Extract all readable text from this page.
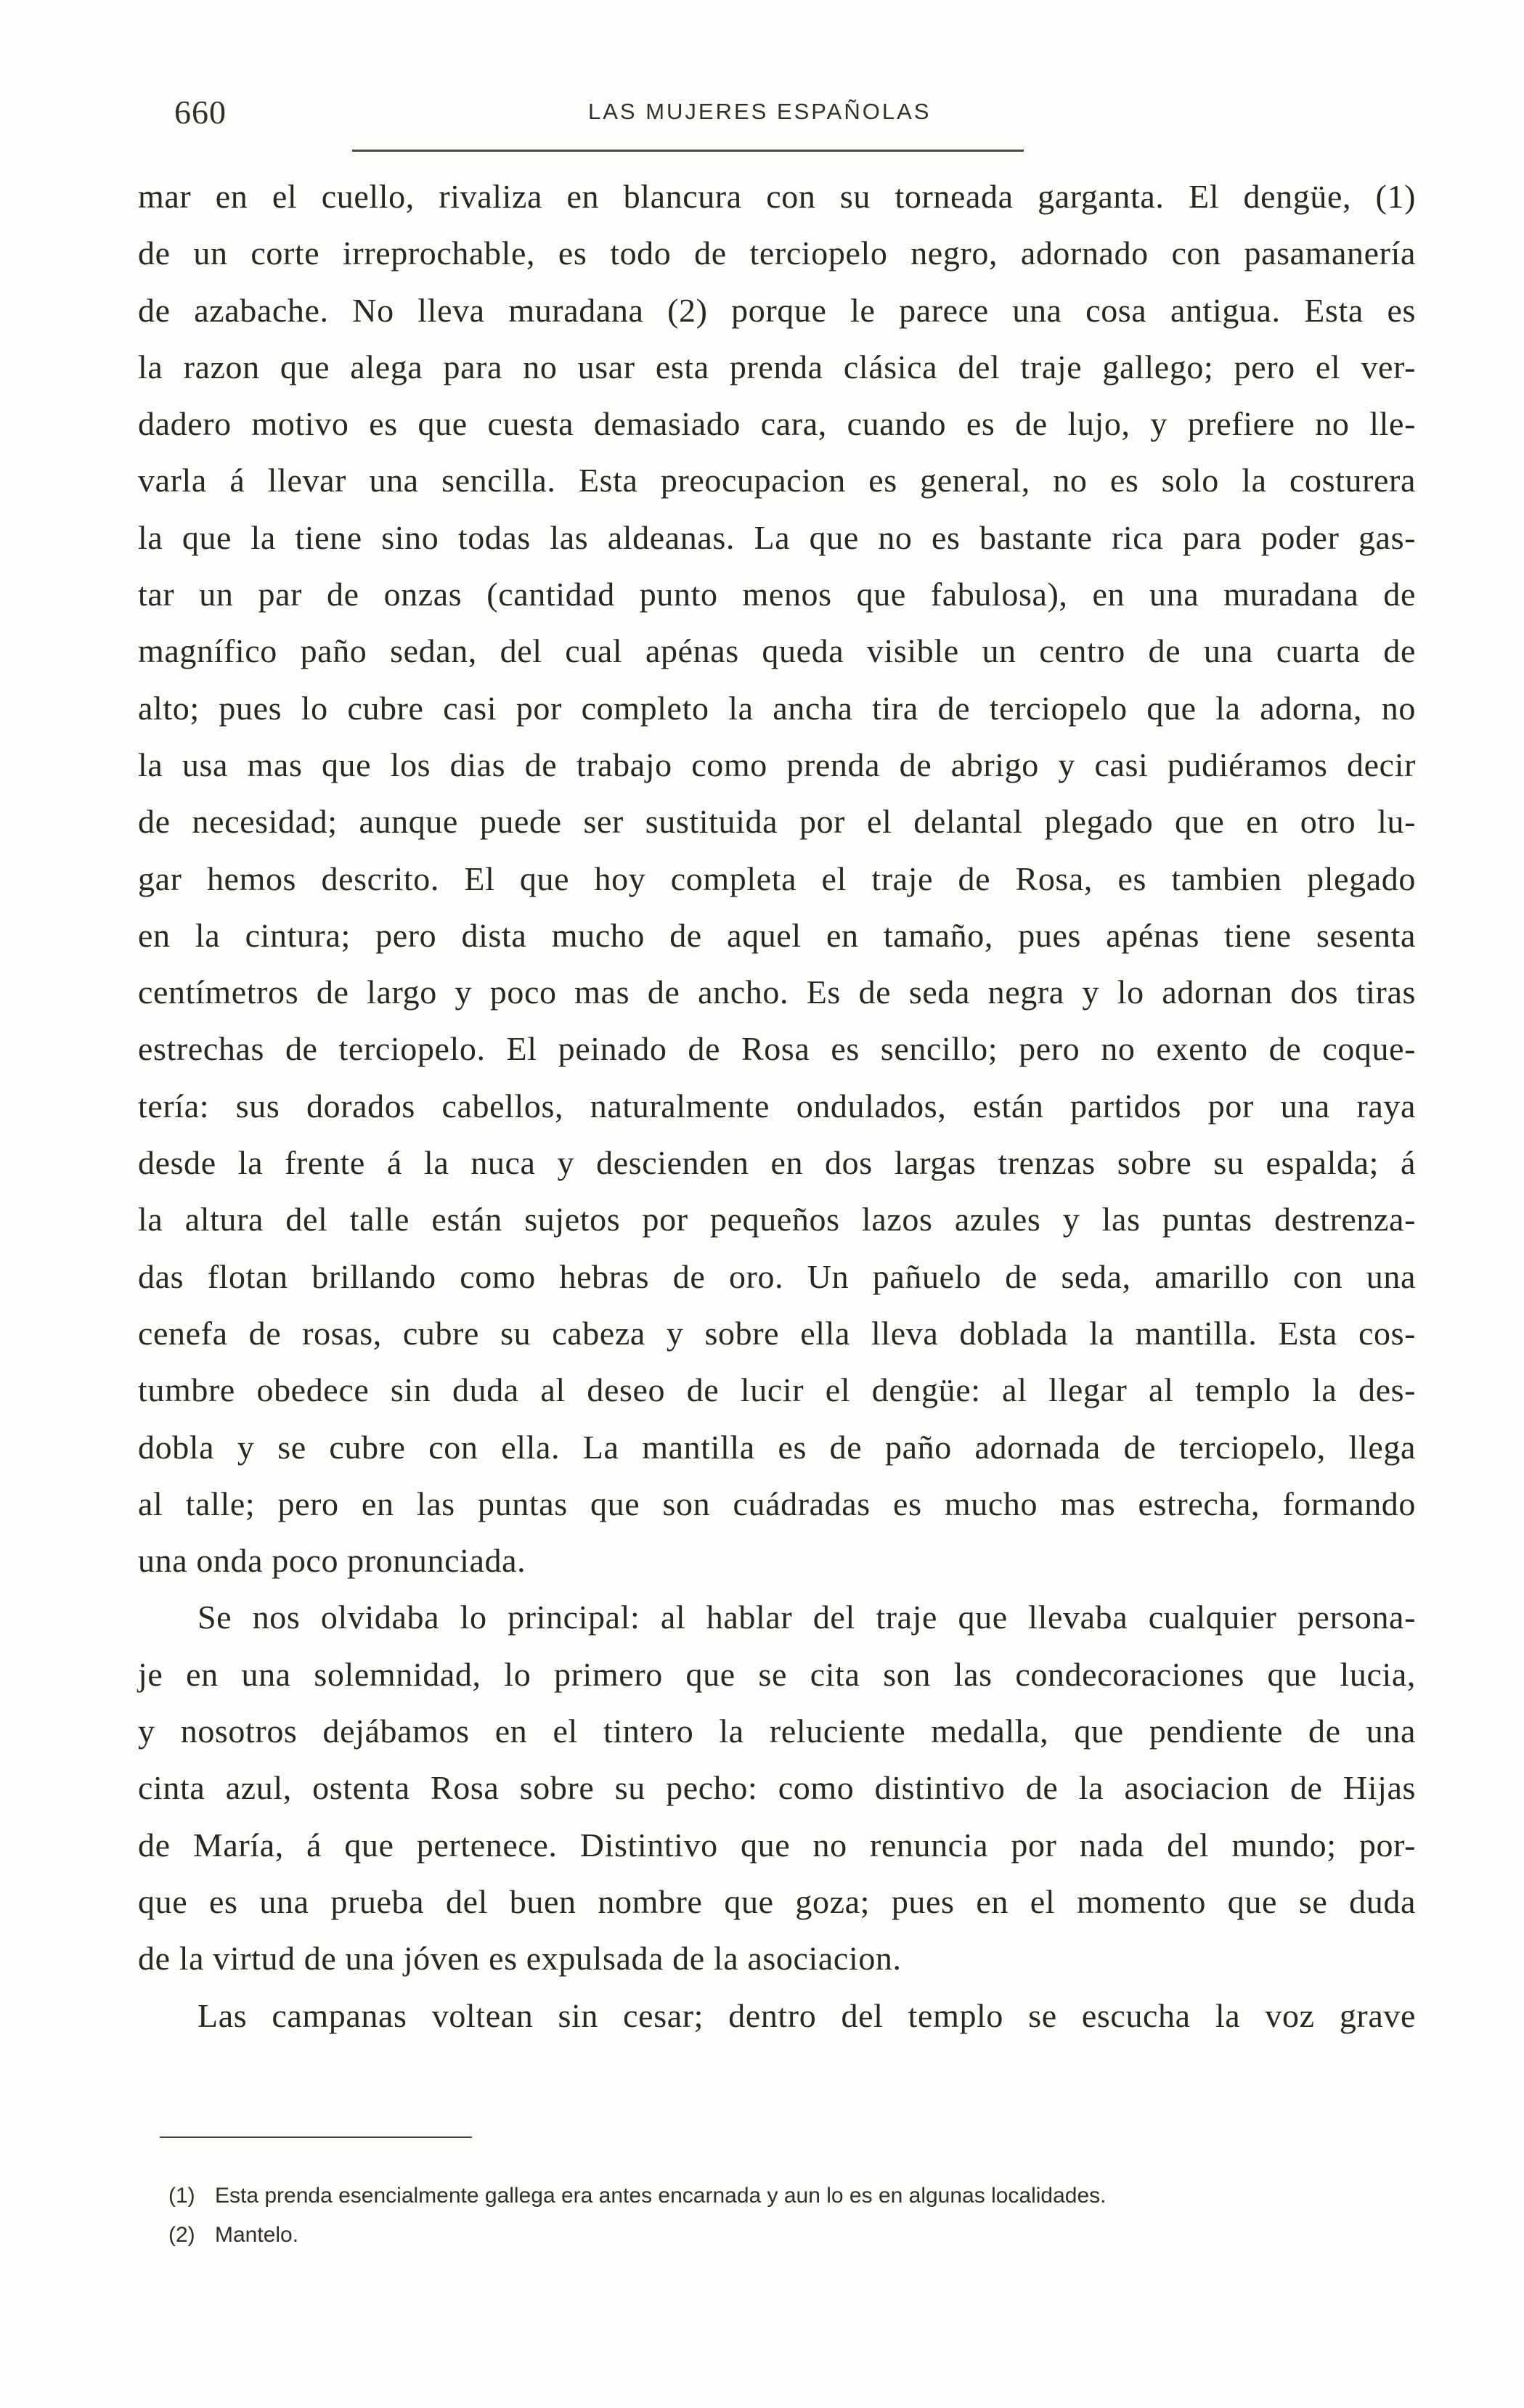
660	LAS MUJERES ESPAÑOLAS

mar en el cuello, rivaliza en blancura con su torneada garganta. El dengüe, (1)

de un corte irreprochable, es todo de terciopelo negro, adornado con pasamanería

de azabache. No lleva muradana (2) porque le parece una cosa antigua. Esta es

la razon que alega para no usar esta prenda clásica del traje gallego; pero el ver-

dadero motivo es que cuesta demasiado cara, cuando es de lujo, y prefiere no lle-

varla á llevar una sencilla. Esta preocupacion es general, no es solo la costurera

la que la tiene sino todas las aldeanas. La que no es bastante rica para poder gas-

tar un par de onzas (cantidad punto menos que fabulosa), en una muradana de

magnífico paño sedan, del cual apénas queda visible un centro de una cuarta de

alto; pues lo cubre casi por completo la ancha tira de terciopelo que la adorna, no

la usa mas que los dias de trabajo como prenda de abrigo y casi pudiéramos decir

de necesidad; aunque puede ser sustituida por el delantal plegado que en otro lu-

gar hemos descrito. El que hoy completa el traje de Rosa, es tambien plegado

en la cintura; pero dista mucho de aquel en tamaño, pues apénas tiene sesenta

centímetros de largo y poco mas de ancho. Es de seda negra y lo adornan dos tiras

estrechas de terciopelo. El peinado de Rosa es sencillo; pero no exento de coque-

tería: sus dorados cabellos, naturalmente ondulados, están partidos por una raya

desde la frente á la nuca y descienden en dos largas trenzas sobre su espalda; á

la altura del talle están sujetos por pequeños lazos azules y las puntas destrenza-

das flotan brillando como hebras de oro. Un pañuelo de seda, amarillo con una

cenefa de rosas, cubre su cabeza y sobre ella lleva doblada la mantilla. Esta cos-

tumbre obedece sin duda al deseo de lucir el dengüe: al llegar al templo la des-

dobla y se cubre con ella. La mantilla es de paño adornada de terciopelo, llega

al talle; pero en las puntas que son cuádradas es mucho mas estrecha, formando

una onda poco pronunciada.

Se nos olvidaba lo principal: al hablar del traje que llevaba cualquier persona-

je en una solemnidad, lo primero que se cita son las condecoraciones que lucia,

y nosotros dejábamos en el tintero la reluciente medalla, que pendiente de una

cinta azul, ostenta Rosa sobre su pecho: como distintivo de la asociacion de Hijas

de María, á que pertenece. Distintivo que no renuncia por nada del mundo; por-

que es una prueba del buen nombre que goza; pues en el momento que se duda

de la virtud de una jóven es expulsada de la asociacion.

Las campanas voltean sin cesar; dentro del templo se escucha la voz grave

(1) Esta prenda esencialmente gallega era antes encarnada y aun lo es en algunas localidades.
(2) Mantelo.
